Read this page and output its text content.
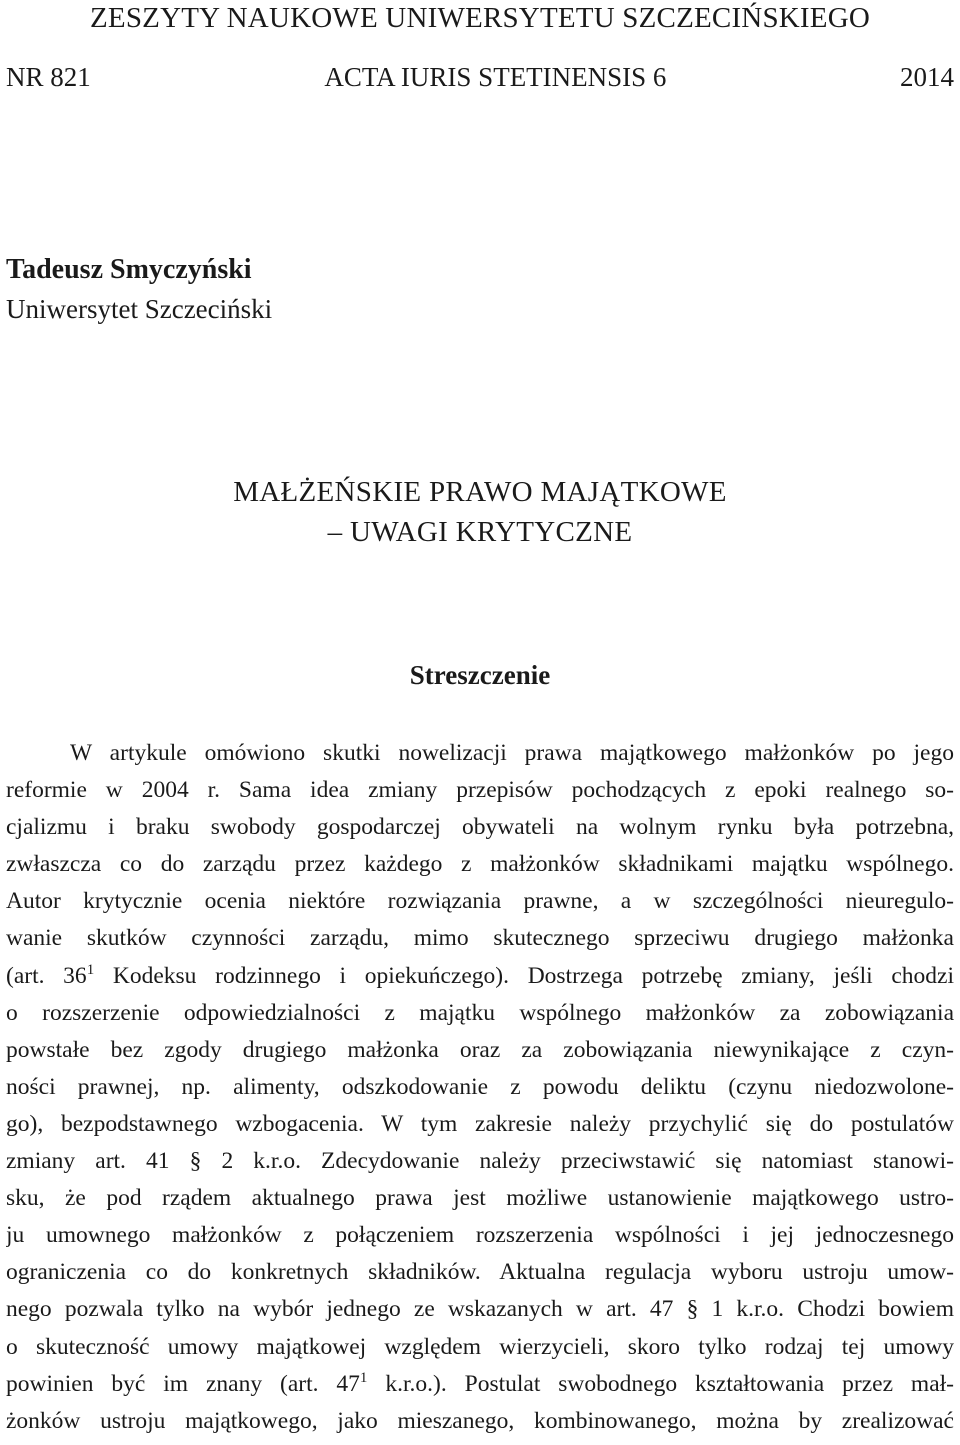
ZESZYTY NAUKOWE UNIWERSYTETU SZCZECIŃSKIEGO
NR 821	ACTA IURIS STETINENSIS 6	2014
Tadeusz Smyczyński
Uniwersytet Szczeciński
MAŁŻEŃSKIE PRAWO MAJĄTKOWE
– UWAGI KRYTYCZNE
Streszczenie
W artykule omówiono skutki nowelizacji prawa majątkowego małżonków po jego
reformie w 2004 r. Sama idea zmiany przepisów pochodzących z epoki realnego so-
cjalizmu i braku swobody gospodarczej obywateli na wolnym rynku była potrzebna,
zwłaszcza co do zarządu przez każdego z małżonków składnikami majątku wspólnego.
Autor krytycznie ocenia niektóre rozwiązania prawne, a w szczególności nieuregulo-
wanie skutków czynności zarządu, mimo skutecznego sprzeciwu drugiego małżonka
(art. $36^1$ Kodeksu rodzinnego i opiekuńczego). Dostrzega potrzebę zmiany, jeśli chodzi
o rozszerzenie odpowiedzialności z majątku wspólnego małżonków za zobowiązania
powstałe bez zgody drugiego małżonka oraz za zobowiązania niewynikające z czyn-
ności prawnej, np. alimenty, odszkodowanie z powodu deliktu (czynu niedozwolone-
go), bezpodstawnego wzbogacenia. W tym zakresie należy przychylić się do postulatów
zmiany art. 41 § 2 k.r.o. Zdecydowanie należy przeciwstawić się natomiast stanowi-
sku, że pod rządem aktualnego prawa jest możliwe ustanowienie majątkowego ustro-
ju umownego małżonków z połączeniem rozszerzenia wspólności i jej jednoczesnego
ograniczenia co do konkretnych składników. Aktualna regulacja wyboru ustroju umow-
nego pozwala tylko na wybór jednego ze wskazanych w art. 47 § 1 k.r.o. Chodzi bowiem
o skuteczność umowy majątkowej względem wierzycieli, skoro tylko rodzaj tej umowy
powinien być im znany (art. $47^1$ k.r.o.). Postulat swobodnego kształtowania przez mał-
żonków ustroju majątkowego, jako mieszanego, kombinowanego, można by zrealizować
